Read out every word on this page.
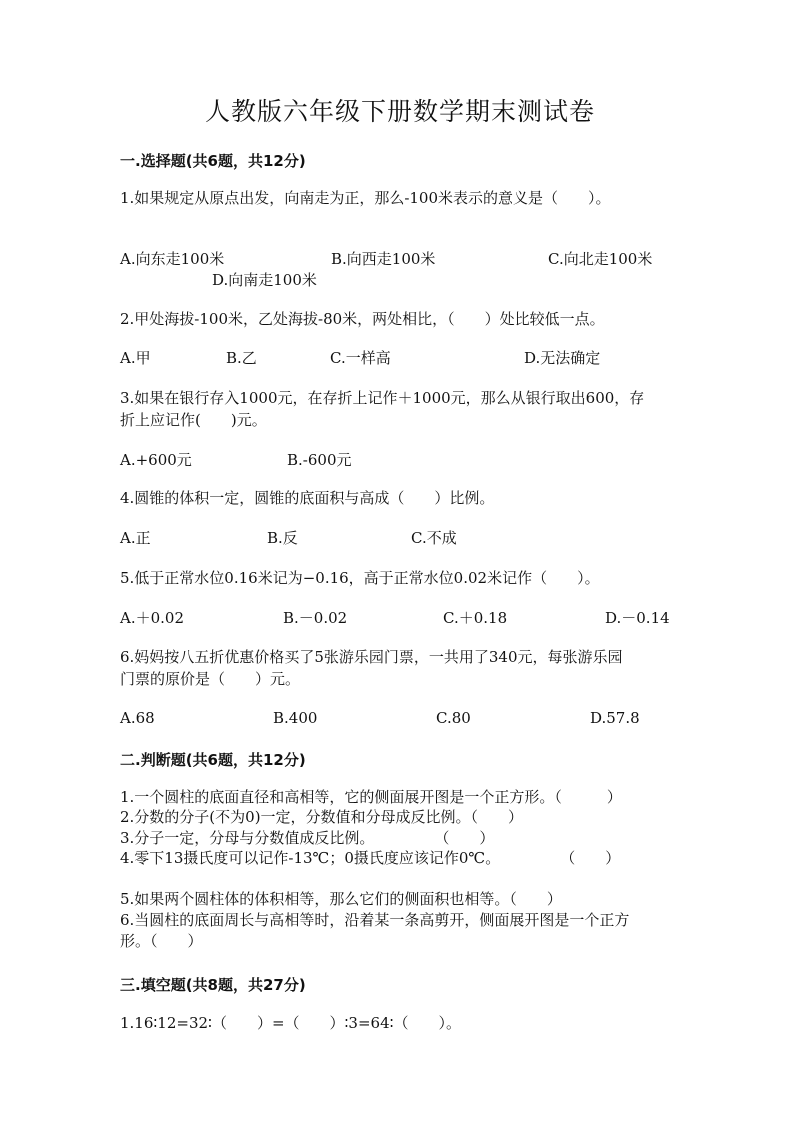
人教版六年级下册数学期末测试卷
一.选择题(共6题，共12分)
1.如果规定从原点出发，向南走为正，那么-100米表示的意义是（　　）。
A.向东走100米	B.向西走100米	C.向北走100米
D.向南走100米
2.甲处海拔-100米，乙处海拔-80米，两处相比，（　　）处比较低一点。
A.甲	B.乙	C.一样高	D.无法确定
3.如果在银行存入1000元，在存折上记作＋1000元，那么从银行取出600，存
折上应记作(　　)元。
A.+600元	B.-600元
4.圆锥的体积一定，圆锥的底面积与高成（　　）比例。
A.正	B.反	C.不成
5.低于正常水位0.16米记为−0.16，高于正常水位0.02米记作（　　）。
A.＋0.02	B.－0.02	C.＋0.18	D.－0.14
6.妈妈按八五折优惠价格买了5张游乐园门票，一共用了340元，每张游乐园
门票的原价是（　　）元。
A.68	B.400	C.80	D.57.8
二.判断题(共6题，共12分)
1.一个圆柱的底面直径和高相等，它的侧面展开图是一个正方形。（　　　）
2.分数的分子(不为0)一定，分数值和分母成反比例。（　　）
3.分子一定，分母与分数值成反比例。　　　　　（　　）
4.零下13摄氏度可以记作-13℃；0摄氏度应该记作0℃。　　　　　（　　）
5.如果两个圆柱体的体积相等，那么它们的侧面积也相等。（　　）
6.当圆柱的底面周长与高相等时，沿着某一条高剪开，侧面展开图是一个正方
形。（　　）
三.填空题(共8题，共27分)
1.16∶12=32∶（　　）=（　　）∶3=64∶（　　）。
